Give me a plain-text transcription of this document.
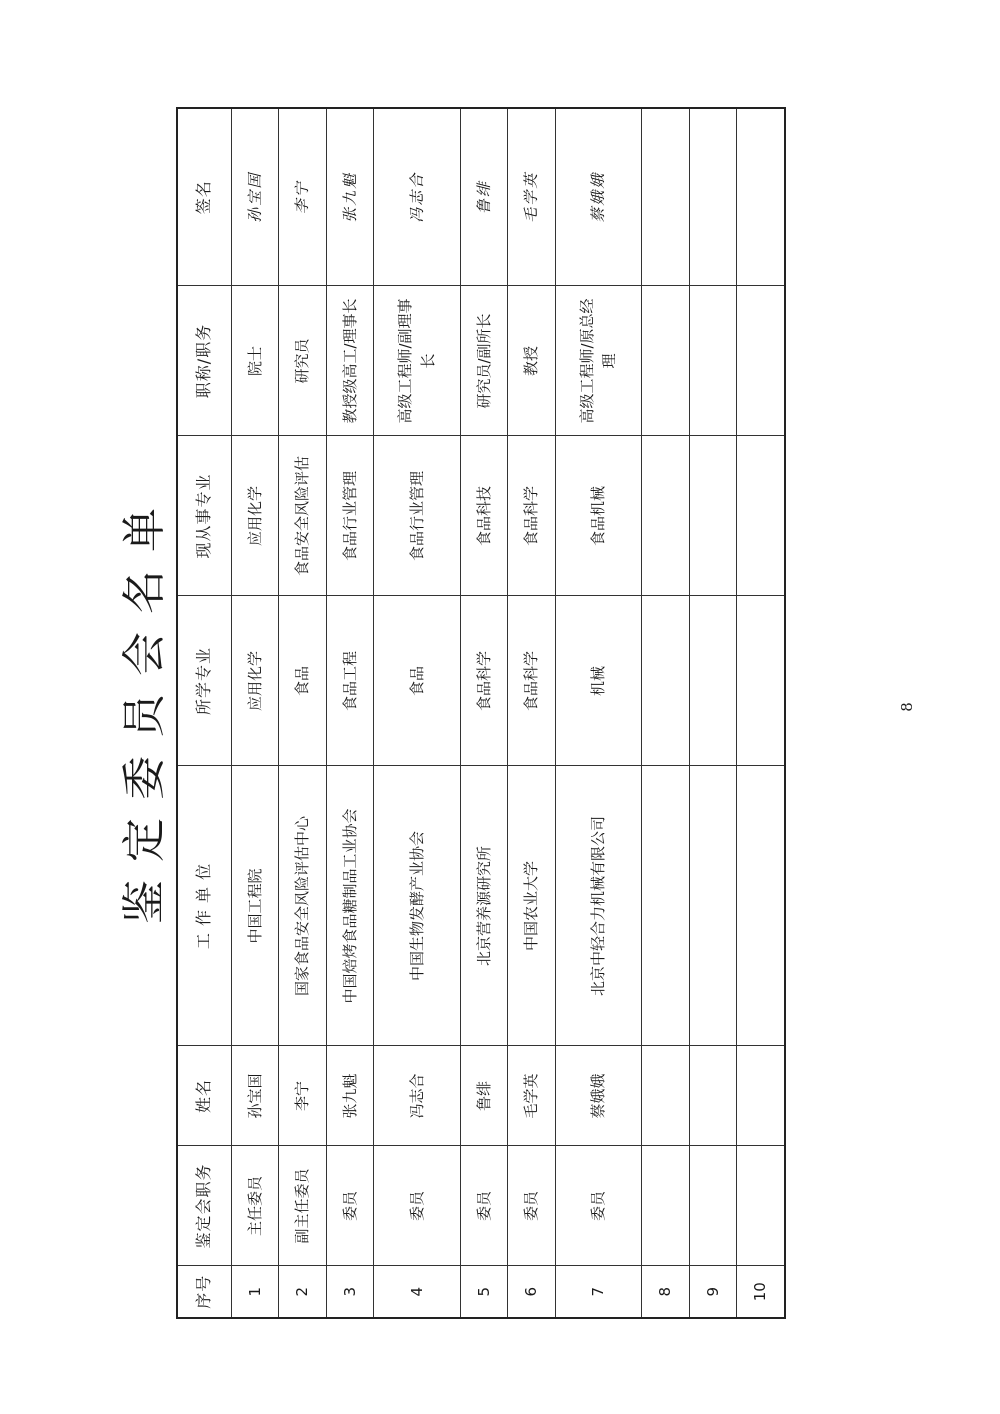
鉴定委员会名单
序号	鉴定会职务	姓名	工 作 单 位	所学专业	现从事专业	职称/职务	签名
1	主任委员	孙宝国	中国工程院	应用化学	应用化学	院士	孙宝国
2	副主任委员	李宁	国家食品安全风险评估中心	食品	食品安全风险评估	研究员	李宁
3	委员	张九魁	中国焙烤食品糖制品工业协会	食品工程	食品行业管理	教授级高工/理事长	张九魁
4	委员	冯志合	中国生物发酵产业协会	食品	食品行业管理	高级工程师/副理事长	冯志合
5	委员	鲁绯	北京营养源研究所	食品科学	食品科技	研究员/副所长	鲁绯
6	委员	毛学英	中国农业大学	食品科学	食品科学	教授	毛学英
7	委员	蔡娥娥	北京中轻合力机械有限公司	机械	食品机械	高级工程师/原总经理	蔡娥娥
8							
9							
10							
8
